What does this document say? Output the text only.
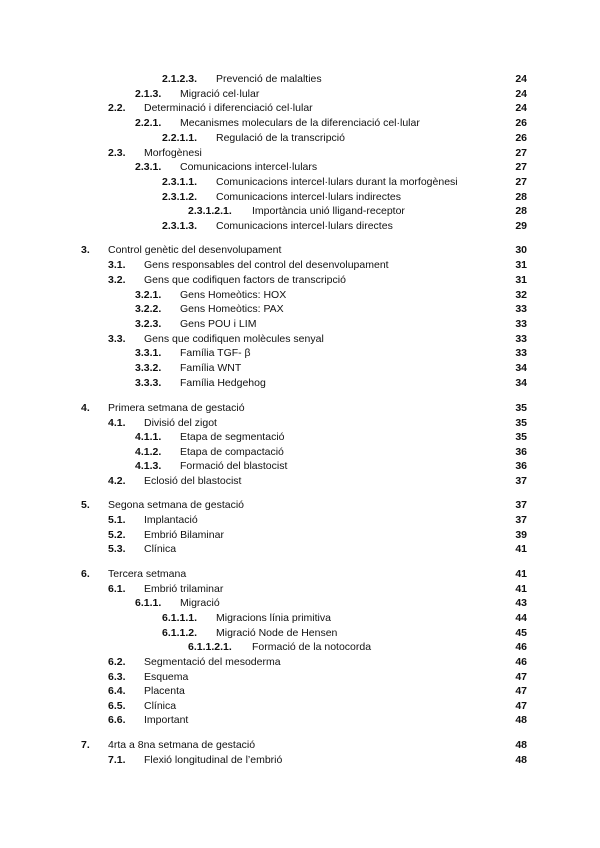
2.1.2.3. Prevenció de malalties	24
2.1.3. Migració cel·lular	24
2.2. Determinació i diferenciació cel·lular	24
2.2.1. Mecanismes moleculars de la diferenciació cel·lular	26
2.2.1.1. Regulació de la transcripció	26
2.3. Morfogènesi	27
2.3.1. Comunicacions intercel·lulars	27
2.3.1.1. Comunicacions intercel·lulars durant la morfogènesi	27
2.3.1.2. Comunicacions intercel·lulars indirectes	28
2.3.1.2.1. Importància unió lligand-receptor	28
2.3.1.3. Comunicacions intercel·lulars directes	29
3. Control genètic del desenvolupament	30
3.1. Gens responsables del control del desenvolupament	31
3.2. Gens que codifiquen factors de transcripció	31
3.2.1. Gens Homeòtics: HOX	32
3.2.2. Gens Homeòtics: PAX	33
3.2.3. Gens POU i LIM	33
3.3. Gens que codifiquen molècules senyal	33
3.3.1. Família TGF- β	33
3.3.2. Família WNT	34
3.3.3. Família Hedgehog	34
4. Primera setmana de gestació	35
4.1. Divisió del zigot	35
4.1.1. Etapa de segmentació	35
4.1.2. Etapa de compactació	36
4.1.3. Formació del blastocist	36
4.2. Eclosió del blastocist	37
5. Segona setmana de gestació	37
5.1. Implantació	37
5.2. Embrió Bilaminar	39
5.3. Clínica	41
6. Tercera setmana	41
6.1. Embrió trilaminar	41
6.1.1. Migració	43
6.1.1.1. Migracions línia primitiva	44
6.1.1.2. Migració Node de Hensen	45
6.1.1.2.1. Formació de la notocorda	46
6.2. Segmentació del mesoderma	46
6.3. Esquema	47
6.4. Placenta	47
6.5. Clínica	47
6.6. Important	48
7. 4rta a 8na setmana de gestació	48
7.1. Flexió longitudinal de l’embrió	48
